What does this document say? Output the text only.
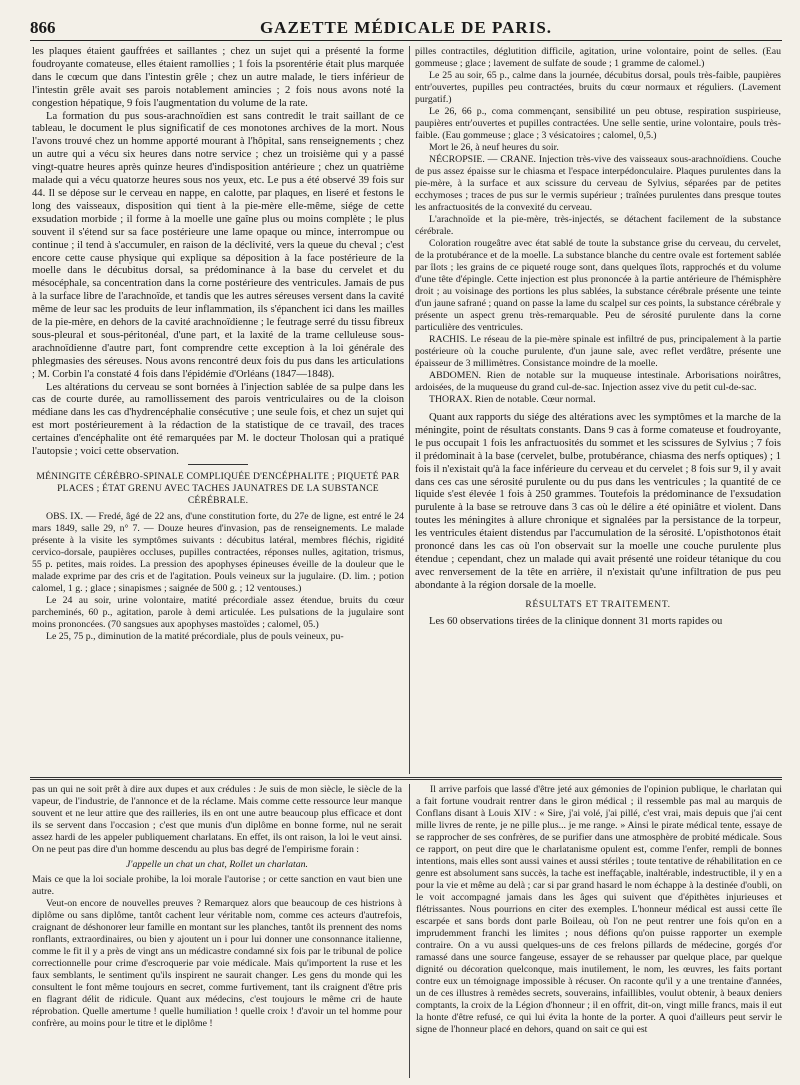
866	GAZETTE MÉDICALE DE PARIS.

les plaques étaient gauffrées et saillantes ; chez un sujet qui a présenté la forme foudroyante comateuse, elles étaient ramollies ; 1 fois la psorentérie était plus marquée dans le cœcum que dans l'intestin grêle ; chez un autre malade, le tiers inférieur de l'intestin grêle avait ses parois notablement amincies ; 2 fois nous avons noté la congestion hépatique, 9 fois l'augmentation du volume de la rate.

La formation du pus sous-arachnoïdien est sans contredit le trait saillant de ce tableau, le document le plus significatif de ces monotones archives de la mort. Nous l'avons trouvé chez un homme apporté mourant à l'hôpital, sans renseignements ; chez un autre qui a vécu six heures dans notre service ; chez un troisième qui y a passé vingt-quatre heures après quinze heures d'indisposition antérieure ; chez un quatrième malade qui a vécu quatorze heures sous nos yeux, etc. Le pus a été observé 39 fois sur 44. Il se dépose sur le cerveau en nappe, en calotte, par plaques, en liseré et festons le long des vaisseaux, disposition qui tient à la pie-mère elle-même, siége de cette exsudation morbide ; il forme à la moelle une gaîne plus ou moins complète ; le plus souvent il s'étend sur sa face postérieure une lame opaque ou mince, interrompue ou continue ; il tend à s'accumuler, en raison de la déclivité, vers la queue du cheval ; c'est encore cette cause physique qui explique sa déposition à la face postérieure de la moelle dans le décubitus dorsal, sa prédominance à la base du cervelet et du mésocéphale, sa concentration dans la corne postérieure des ventricules. Jamais de pus à la surface libre de l'arachnoïde, et tandis que les autres séreuses versent dans la cavité même de leur sac les produits de leur inflammation, ils s'épanchent ici dans les mailles de la pie-mère, en dehors de la cavité arachnoïdienne ; le feutrage serré du tissu fibreux sous-pleural et sous-péritonéal, d'une part, et la laxité de la trame celluleuse sous-arachnoïdienne d'autre part, font comprendre cette exception à la loi générale des phlegmasies des séreuses. Nous avons rencontré deux fois du pus dans les articulations ; M. Corbin l'a constaté 4 fois dans l'épidémie d'Orléans (1847—1848).

Les altérations du cerveau se sont bornées à l'injection sablée de sa pulpe dans les cas de courte durée, au ramollissement des parois ventriculaires ou de la cloison médiane dans les cas d'hydrencéphalie consécutive ; une seule fois, et chez un sujet qui est mort postérieurement à la rédaction de la statistique de ce travail, des traces certaines d'encéphalite ont été remarquées par M. le docteur Tholosan qui a pratiqué l'autopsie ; voici cette observation.

MÉNINGITE CÉRÉBRO-SPINALE COMPLIQUÉE D'ENCÉPHALITE ; PIQUETÉ PAR PLACES ; ÉTAT GRENU AVEC TACHES JAUNATRES DE LA SUBSTANCE CÉRÉBRALE.

OBS. IX. — Fredé, âgé de 22 ans, d'une constitution forte, du 27e de ligne, est entré le 24 mars 1849, salle 29, n° 7. — Douze heures d'invasion, pas de renseignements. Le malade présente à la visite les symptômes suivants : décubitus latéral, membres fléchis, rigidité cervico-dorsale, paupières occluses, pupilles contractées, réponses nulles, agitation, trismus, 55 p. petites, mais roides. La pression des apophyses épineuses éveille de la douleur que le malade exprime par des cris et de l'agitation. Pouls veineux sur la jugulaire. (D. lim. ; potion calomel, 1 g. ; glace ; sinapismes ; saignée de 500 g. ; 12 ventouses.)

Le 24 au soir, urine volontaire, matité précordiale assez étendue, bruits du cœur parcheminés, 60 p., agitation, parole à demi articulée. Les pulsations de la jugulaire sont moins prononcées. (70 sangsues aux apophyses mastoïdes ; calomel, 05.)

Le 25, 75 p., diminution de la matité précordiale, plus de pouls veineux, pu-

pilles contractiles, déglutition difficile, agitation, urine volontaire, point de selles. (Eau gommeuse ; glace ; lavement de sulfate de soude ; 1 gramme de calomel.)

Le 25 au soir, 65 p., calme dans la journée, décubitus dorsal, pouls très-faible, paupières entr'ouvertes, pupilles peu contractées, bruits du cœur normaux et réguliers. (Lavement purgatif.)

Le 26, 66 p., coma commençant, sensibilité un peu obtuse, respiration suspirieuse, paupières entr'ouvertes et pupilles contractées. Une selle sentie, urine volontaire, pouls très-faible. (Eau gommeuse ; glace ; 3 vésicatoires ; calomel, 0,5.)

Mort le 26, à neuf heures du soir.

NÉCROPSIE. — CRANE. Injection très-vive des vaisseaux sous-arachnoïdiens. Couche de pus assez épaisse sur le chiasma et l'espace interpédonculaire. Plaques purulentes dans la pie-mère, à la surface et aux scissure du cerveau de Sylvius, séparées par de petites ecchymoses ; traces de pus sur le vermis supérieur ; traînées purulentes dans presque toutes les anfractuosités de la convexité du cerveau.

L'arachnoïde et la pie-mère, très-injectés, se détachent facilement de la substance cérébrale.

Coloration rougeâtre avec état sablé de toute la substance grise du cerveau, du cervelet, de la protubérance et de la moelle. La substance blanche du centre ovale est fortement sablée par îlots ; les grains de ce piqueté rouge sont, dans quelques îlots, rapprochés et du volume d'une tête d'épingle. Cette injection est plus prononcée à la partie antérieure de l'hémisphère droit ; au voisinage des portions les plus sablées, la substance cérébrale présente une teinte d'un jaune safrané ; quand on passe la lame du scalpel sur ces points, la substance cérébrale y présente un aspect grenu très-remarquable. Peu de sérosité purulente dans la corne particulière des ventricules.

RACHIS. Le réseau de la pie-mère spinale est infiltré de pus, principalement à la partie postérieure où la couche purulente, d'un jaune sale, avec reflet verdâtre, présente une épaisseur de 3 millimètres. Consistance moindre de la moelle.

ABDOMEN. Rien de notable sur la muqueuse intestinale. Arborisations noirâtres, ardoisées, de la muqueuse du grand cul-de-sac. Injection assez vive du petit cul-de-sac.

THORAX. Rien de notable. Cœur normal.

Quant aux rapports du siége des altérations avec les symptômes et la marche de la méningite, point de résultats constants. Dans 9 cas à forme comateuse et foudroyante, le pus occupait 1 fois les anfractuosités du sommet et les scissures de Sylvius ; 7 fois il prédominait à la base (cervelet, bulbe, protubérance, chiasma des nerfs optiques) ; 1 fois il n'existait qu'à la face inférieure du cerveau et du cervelet ; 8 fois sur 9, il y avait dans ces cas une sérosité purulente ou du pus dans les ventricules ; la quantité de ce liquide s'est élevée 1 fois à 250 grammes. Toutefois la prédominance de l'exsudation purulente à la base se retrouve dans 3 cas où le délire a été opiniâtre et violent. Dans toutes les méningites à allure chronique et signalées par la persistance de la torpeur, les ventricules étaient distendus par l'accumulation de la sérosité. L'opisthotonos était prononcé dans les cas où l'on observait sur la moelle une couche purulente plus étendue ; cependant, chez un malade qui avait présenté une roideur tétanique du cou avec renversement de la tête en arrière, il n'existait qu'une infiltration de pus peu abondante à la région dorsale de la moelle.

RÉSULTATS ET TRAITEMENT.

Les 60 observations tirées de la clinique donnent 31 morts rapides ou

pas un qui ne soit prêt à dire aux dupes et aux crédules : Je suis de mon siècle, le siècle de la vapeur, de l'industrie, de l'annonce et de la réclame. Mais comme cette ressource leur manque souvent et ne leur attire que des railleries, ils en ont une autre beaucoup plus efficace et dont ils se servent dans l'occasion ; c'est que munis d'un diplôme en bonne forme, nul ne serait assez hardi de les appeler publiquement charlatans. En effet, ils ont raison, la loi le veut ainsi. On ne peut pas dire d'un homme descendu au plus bas degré de l'empirisme forain :

J'appelle un chat un chat, Rollet un charlatan.

Mais ce que la loi sociale prohibe, la loi morale l'autorise ; or cette sanction en vaut bien une autre.

Veut-on encore de nouvelles preuves ? Remarquez alors que beaucoup de ces histrions à diplôme ou sans diplôme, tantôt cachent leur véritable nom, comme ces acteurs d'autrefois, craignant de déshonorer leur famille en montant sur les planches, tantôt ils prennent des noms ronflants, extraordinaires, ou bien y ajoutent un i pour lui donner une consonnance italienne, comme le fit il y a près de vingt ans un médicastre condamné six fois par le tribunal de police correctionnelle pour crime d'escroquerie par voie médicale. Mais qu'importent la ruse et les faux semblants, le sentiment qu'ils inspirent ne saurait changer. Les gens du monde qui les consultent le font même toujours en secret, comme furtivement, tant ils craignent d'être pris en flagrant délit de ridicule. Quant aux médecins, c'est toujours le même cri de haute réprobation. Quelle amertume ! quelle humiliation ! quelle croix ! d'avoir un tel homme pour confrère, au moins pour le titre et le diplôme !

Il arrive parfois que lassé d'être jeté aux gémonies de l'opinion publique, le charlatan qui a fait fortune voudrait rentrer dans le giron médical ; il ressemble pas mal au marquis de Conflans disant à Louis XIV : « Sire, j'ai volé, j'ai pillé, c'est vrai, mais depuis que j'ai cent mille livres de rente, je ne pille plus... je me range. » Ainsi le pirate médical tente, essaye de se rapprocher de ses confrères, de se purifier dans une atmosphère de probité médicale. Sous ce rapport, on peut dire que le charlatanisme opulent est, comme l'enfer, rempli de bonnes intentions, mais elles sont aussi vaines et aussi stériles ; toute tentative de réhabilitation en ce genre est absolument sans succès, la tache est ineffaçable, inaltérable, indestructible, il y en a pour la vie et même au delà ; car si par grand hasard le nom échappe à la destinée d'oubli, on le voit accompagné jamais dans les âges qui suivent que d'épithètes injurieuses et flétrissantes. Nous pourrions en citer des exemples. L'honneur médical est aussi cette île escarpée et sans bords dont parle Boileau, où l'on ne peut rentrer une fois qu'on en a imprudemment franchi les limites ; nous défions qu'on puisse rapporter un exemple contraire. On a vu aussi quelques-uns de ces frelons pillards de médecine, gorgés d'or ramassé dans une source fangeuse, essayer de se rehausser par quelque place, par quelque dignité ou décoration quelconque, mais inutilement, le nom, les œuvres, les faits portant contre eux un témoignage impossible à récuser. On raconte qu'il y a une trentaine d'années, un de ces illustres à remèdes secrets, souverains, infaillibles, voulut obtenir, à beaux deniers comptants, la croix de la Légion d'honneur ; il en offrit, dit-on, vingt mille francs, mais il eut la honte d'être refusé, ce qui lui évita la honte de la porter. A quoi d'ailleurs peut servir le signe de l'honneur placé en dehors, quand on sait ce qui est
